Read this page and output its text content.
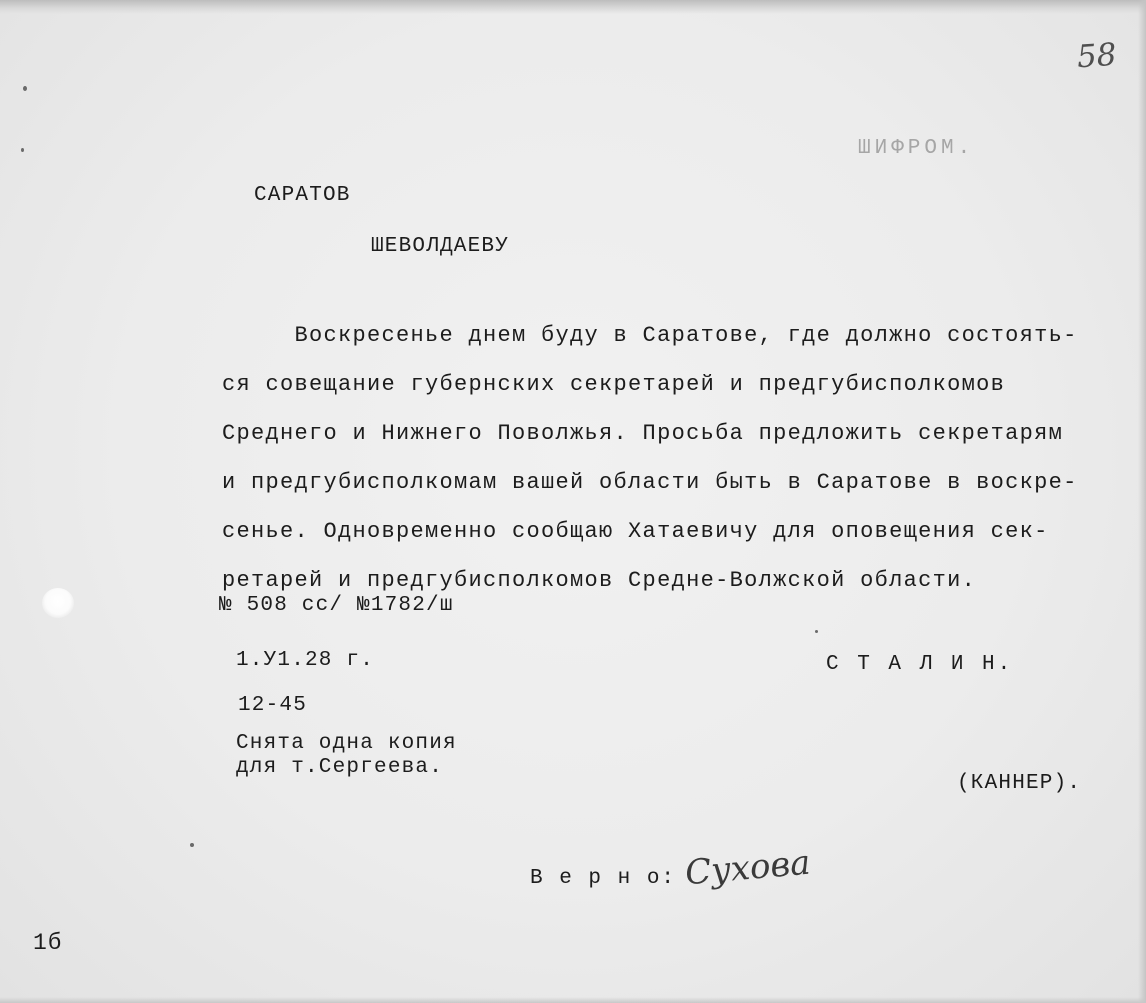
58
ШИФРОМ.
САРАТОВ
ШЕВОЛДАЕВУ
Воскресенье днем буду в Саратове, где должно состоять-
ся совещание губернских секретарей и предгубисполкомов
Среднего и Нижнего Поволжья. Просьба предложить секретарям
и предгубисполкомам вашей области быть в Саратове в воскре-
сенье. Одновременно сообщаю Хатаевичу для оповещения сек-
ретарей и предгубисполкомов Средне-Волжской области.
№ 508 сс/ №1782/ш
1.У1.28 г.	С Т А Л И Н.
12-45
Снята одна копия
для т.Сергеева.
(КАННЕР).
В е р н о: Сухова
1б
